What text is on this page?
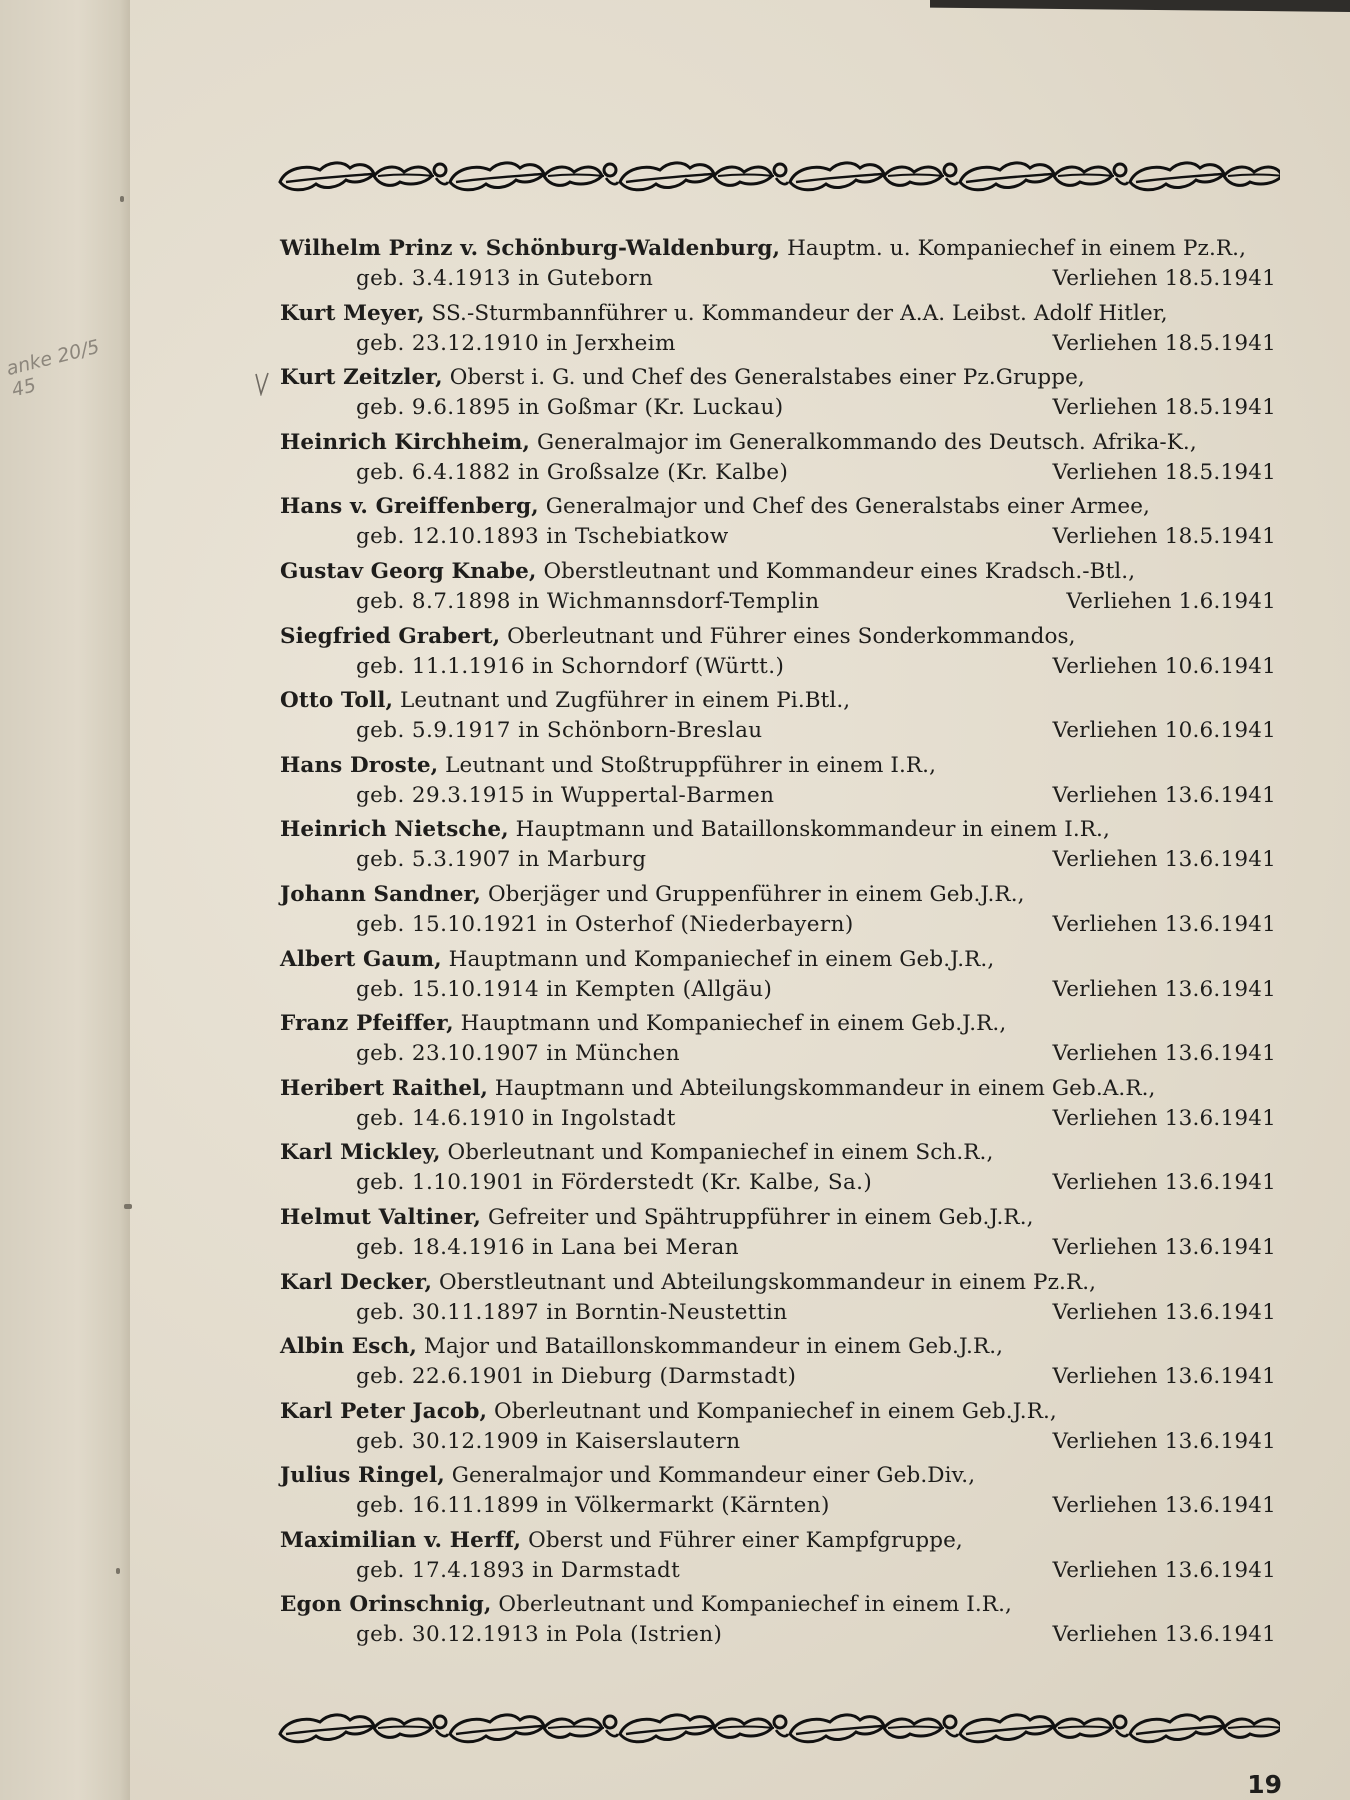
anke 20/5 45
Wilhelm Prinz v. Schönburg-Waldenburg, Hauptm. u. Kompaniechef in einem Pz.R.,
geb. 3.4.1913 in Guteborn	Verliehen 18.5.1941
Kurt Meyer, SS.-Sturmbannführer u. Kommandeur der A.A. Leibst. Adolf Hitler,
geb. 23.12.1910 in Jerxheim	Verliehen 18.5.1941
Kurt Zeitzler, Oberst i. G. und Chef des Generalstabes einer Pz.Gruppe,
geb. 9.6.1895 in Goßmar (Kr. Luckau)	Verliehen 18.5.1941
Heinrich Kirchheim, Generalmajor im Generalkommando des Deutsch. Afrika-K.,
geb. 6.4.1882 in Großsalze (Kr. Kalbe)	Verliehen 18.5.1941
Hans v. Greiffenberg, Generalmajor und Chef des Generalstabs einer Armee,
geb. 12.10.1893 in Tschebiatkow	Verliehen 18.5.1941
Gustav Georg Knabe, Oberstleutnant und Kommandeur eines Kradsch.-Btl.,
geb. 8.7.1898 in Wichmannsdorf-Templin	Verliehen 1.6.1941
Siegfried Grabert, Oberleutnant und Führer eines Sonderkommandos,
geb. 11.1.1916 in Schorndorf (Württ.)	Verliehen 10.6.1941
Otto Toll, Leutnant und Zugführer in einem Pi.Btl.,
geb. 5.9.1917 in Schönborn-Breslau	Verliehen 10.6.1941
Hans Droste, Leutnant und Stoßtruppführer in einem I.R.,
geb. 29.3.1915 in Wuppertal-Barmen	Verliehen 13.6.1941
Heinrich Nietsche, Hauptmann und Bataillonskommandeur in einem I.R.,
geb. 5.3.1907 in Marburg	Verliehen 13.6.1941
Johann Sandner, Oberjäger und Gruppenführer in einem Geb.J.R.,
geb. 15.10.1921 in Osterhof (Niederbayern)	Verliehen 13.6.1941
Albert Gaum, Hauptmann und Kompaniechef in einem Geb.J.R.,
geb. 15.10.1914 in Kempten (Allgäu)	Verliehen 13.6.1941
Franz Pfeiffer, Hauptmann und Kompaniechef in einem Geb.J.R.,
geb. 23.10.1907 in München	Verliehen 13.6.1941
Heribert Raithel, Hauptmann und Abteilungskommandeur in einem Geb.A.R.,
geb. 14.6.1910 in Ingolstadt	Verliehen 13.6.1941
Karl Mickley, Oberleutnant und Kompaniechef in einem Sch.R.,
geb. 1.10.1901 in Förderstedt (Kr. Kalbe, Sa.)	Verliehen 13.6.1941
Helmut Valtiner, Gefreiter und Spähtruppführer in einem Geb.J.R.,
geb. 18.4.1916 in Lana bei Meran	Verliehen 13.6.1941
Karl Decker, Oberstleutnant und Abteilungskommandeur in einem Pz.R.,
geb. 30.11.1897 in Borntin-Neustettin	Verliehen 13.6.1941
Albin Esch, Major und Bataillonskommandeur in einem Geb.J.R.,
geb. 22.6.1901 in Dieburg (Darmstadt)	Verliehen 13.6.1941
Karl Peter Jacob, Oberleutnant und Kompaniechef in einem Geb.J.R.,
geb. 30.12.1909 in Kaiserslautern	Verliehen 13.6.1941
Julius Ringel, Generalmajor und Kommandeur einer Geb.Div.,
geb. 16.11.1899 in Völkermarkt (Kärnten)	Verliehen 13.6.1941
Maximilian v. Herff, Oberst und Führer einer Kampfgruppe,
geb. 17.4.1893 in Darmstadt	Verliehen 13.6.1941
Egon Orinschnig, Oberleutnant und Kompaniechef in einem I.R.,
geb. 30.12.1913 in Pola (Istrien)	Verliehen 13.6.1941
19
